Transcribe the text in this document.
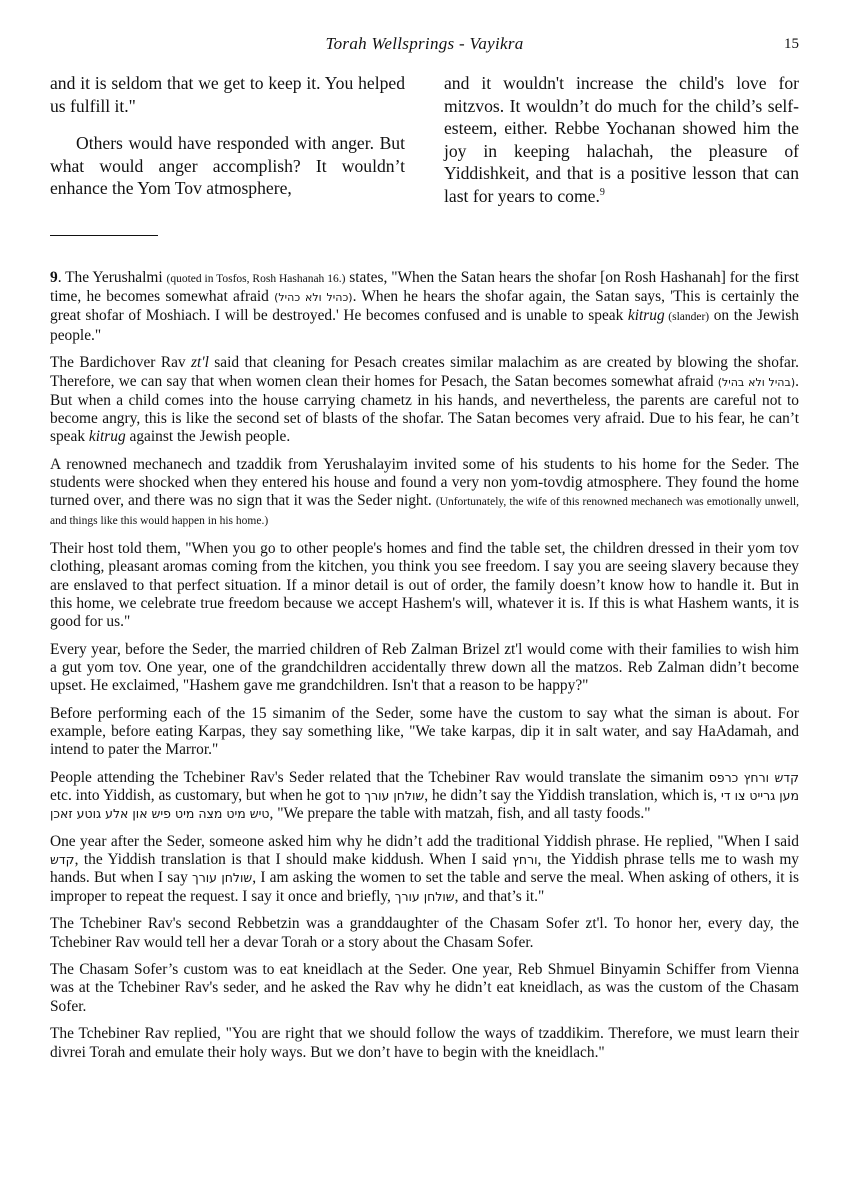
Torah Wellsprings - Vayikra	15

and it is seldom that we get to keep it. You helped us fulfill it."

Others would have responded with anger. But what would anger accomplish? It wouldn’t enhance the Yom Tov atmosphere,

and it wouldn't increase the child's love for mitzvos. It wouldn’t do much for the child’s self-esteem, either. Rebbe Yochanan showed him the joy in keeping halachah, the pleasure of Yiddishkeit, and that is a positive lesson that can last for years to come.$^9$

9. The Yerushalmi (quoted in Tosfos, Rosh Hashanah 16.) states, "When the Satan hears the shofar [on Rosh Hashanah] for the first time, he becomes somewhat afraid (כהיל ולא כהיל). When he hears the shofar again, the Satan says, 'This is certainly the great shofar of Moshiach. I will be destroyed.' He becomes confused and is unable to speak kitrug (slander) on the Jewish people."

The Bardichover Rav zt'l said that cleaning for Pesach creates similar malachim as are created by blowing the shofar. Therefore, we can say that when women clean their homes for Pesach, the Satan becomes somewhat afraid (בהיל ולא בהיל). But when a child comes into the house carrying chametz in his hands, and nevertheless, the parents are careful not to become angry, this is like the second set of blasts of the shofar. The Satan becomes very afraid. Due to his fear, he can’t speak kitrug against the Jewish people.

A renowned mechanech and tzaddik from Yerushalayim invited some of his students to his home for the Seder. The students were shocked when they entered his house and found a very non yom-tovdig atmosphere. They found the home turned over, and there was no sign that it was the Seder night. (Unfortunately, the wife of this renowned mechanech was emotionally unwell, and things like this would happen in his home.)

Their host told them, "When you go to other people's homes and find the table set, the children dressed in their yom tov clothing, pleasant aromas coming from the kitchen, you think you see freedom. I say you are seeing slavery because they are enslaved to that perfect situation. If a minor detail is out of order, the family doesn’t know how to handle it. But in this home, we celebrate true freedom because we accept Hashem's will, whatever it is. If this is what Hashem wants, it is good for us."

Every year, before the Seder, the married children of Reb Zalman Brizel zt'l would come with their families to wish him a gut yom tov. One year, one of the grandchildren accidentally threw down all the matzos. Reb Zalman didn’t become upset. He exclaimed, "Hashem gave me grandchildren. Isn't that a reason to be happy?"

Before performing each of the 15 simanim of the Seder, some have the custom to say what the siman is about. For example, before eating Karpas, they say something like, "We take karpas, dip it in salt water, and say HaAdamah, and intend to pater the Marror."

People attending the Tchebiner Rav's Seder related that the Tchebiner Rav would translate the simanim קדש ורחץ כרפס etc. into Yiddish, as customary, but when he got to שולחן עורך, he didn’t say the Yiddish translation, which is, מען גרייט צו די טיש מיט מצה מיט פיש און אלע גוטע זאכן, "We prepare the table with matzah, fish, and all tasty foods."

One year after the Seder, someone asked him why he didn’t add the traditional Yiddish phrase. He replied, "When I said קדש, the Yiddish translation is that I should make kiddush. When I said ורחץ, the Yiddish phrase tells me to wash my hands. But when I say שולחן עורך, I am asking the women to set the table and serve the meal. When asking of others, it is improper to repeat the request. I say it once and briefly, שולחן עורך, and that’s it."

The Tchebiner Rav's second Rebbetzin was a granddaughter of the Chasam Sofer zt'l. To honor her, every day, the Tchebiner Rav would tell her a devar Torah or a story about the Chasam Sofer.

The Chasam Sofer’s custom was to eat kneidlach at the Seder. One year, Reb Shmuel Binyamin Schiffer from Vienna was at the Tchebiner Rav's seder, and he asked the Rav why he didn’t eat kneidlach, as was the custom of the Chasam Sofer.

The Tchebiner Rav replied, "You are right that we should follow the ways of tzaddikim. Therefore, we must learn their divrei Torah and emulate their holy ways. But we don’t have to begin with the kneidlach."
